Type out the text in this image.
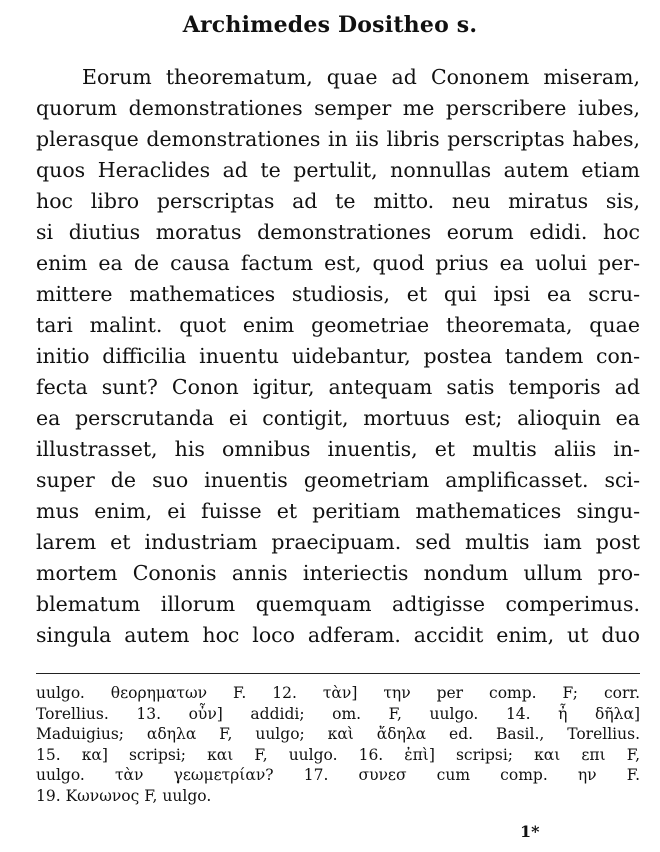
Archimedes Dositheo s.
Eorum theorematum, quae ad Cononem miseram,
quorum demonstrationes semper me perscribere iubes,
plerasque demonstrationes in iis libris perscriptas habes,
quos Heraclides ad te pertulit, nonnullas autem etiam
hoc libro perscriptas ad te mitto. neu miratus sis,
si diutius moratus demonstrationes eorum edidi. hoc
enim ea de causa factum est, quod prius ea uolui per-
mittere mathematices studiosis, et qui ipsi ea scru-
tari malint. quot enim geometriae theoremata, quae
initio difficilia inuentu uidebantur, postea tandem con-
fecta sunt? Conon igitur, antequam satis temporis ad
ea perscrutanda ei contigit, mortuus est; alioquin ea
illustrasset, his omnibus inuentis, et multis aliis in-
super de suo inuentis geometriam amplificasset. sci-
mus enim, ei fuisse et peritiam mathematices singu-
larem et industriam praecipuam. sed multis iam post
mortem Cononis annis interiectis nondum ullum pro-
blematum illorum quemquam adtigisse comperimus.
singula autem hoc loco adferam. accidit enim, ut duo
uulgo. θεορηματων F. 12. τὰν] την per comp. F; corr.
Torellius. 13. οὖν] addidi; om. F, uulgo. 14. ἦ δῆλα]
Maduigius; αδηλα F, uulgo; καὶ ἄδηλα ed. Basil., Torellius.
15. κα] scripsi; και F, uulgo. 16. ἐπὶ] scripsi; και επι F,
uulgo. τὰν γεωμετρίαν? 17. συνεσ cum comp. ην F.
19. Κωνωνος F, uulgo.
1*
